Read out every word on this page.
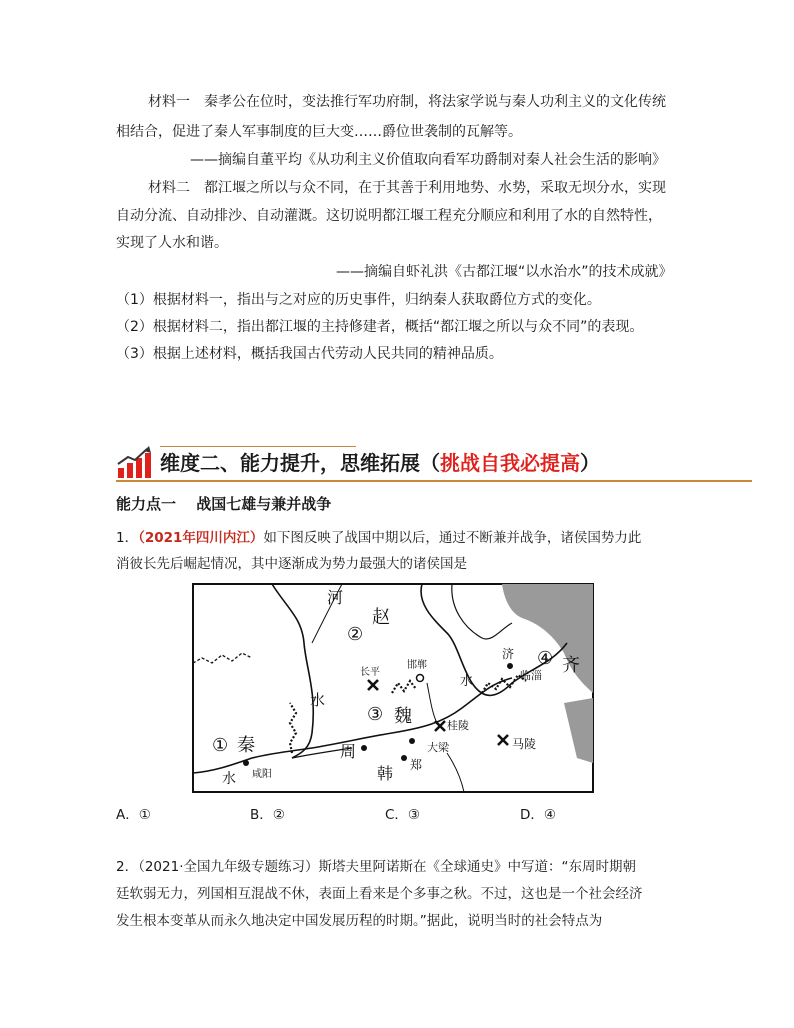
材料一　秦孝公在位时，变法推行军功府制，将法家学说与秦人功利主义的文化传统
相结合，促进了秦人军事制度的巨大变……爵位世袭制的瓦解等。
——摘编自董平均《从功利主义价值取向看军功爵制对秦人社会生活的影响》
材料二　都江堰之所以与众不同，在于其善于利用地势、水势，采取无坝分水，实现
自动分流、自动排沙、自动灌溉。这切说明都江堰工程充分顺应和利用了水的自然特性，
实现了人水和谐。
——摘编自虾礼洪《古都江堰“以水治水”的技术成就》
（1）根据材料一，指出与之对应的历史事件，归纳秦人获取爵位方式的变化。
（2）根据材料二，指出都江堰的主持修建者，概括“都江堰之所以与众不同”的表现。
（3）根据上述材料，概括我国古代劳动人民共同的精神品质。
维度二、能力提升，思维拓展（挑战自我必提高）
能力点一　 战国七雄与兼并战争
1．（2021年四川内江）如下图反映了战国中期以后，通过不断兼并战争，诸侯国势力此
消彼长先后崛起情况，其中逐渐成为势力最强大的诸侯国是
河
赵
②
长平
邯郸
水
③ 魏
① 秦	周
韩 郑
咸阳
水
大梁
桂陵
马陵
水
济
临淄
④ 齐
A．①	B．②	C．③	D．④
2．（2021·全国九年级专题练习）斯塔夫里阿诺斯在《全球通史》中写道：“东周时期朝
廷软弱无力，列国相互混战不休，表面上看来是个多事之秋。不过，这也是一个社会经济
发生根本变革从而永久地决定中国发展历程的时期。”据此，说明当时的社会特点为
